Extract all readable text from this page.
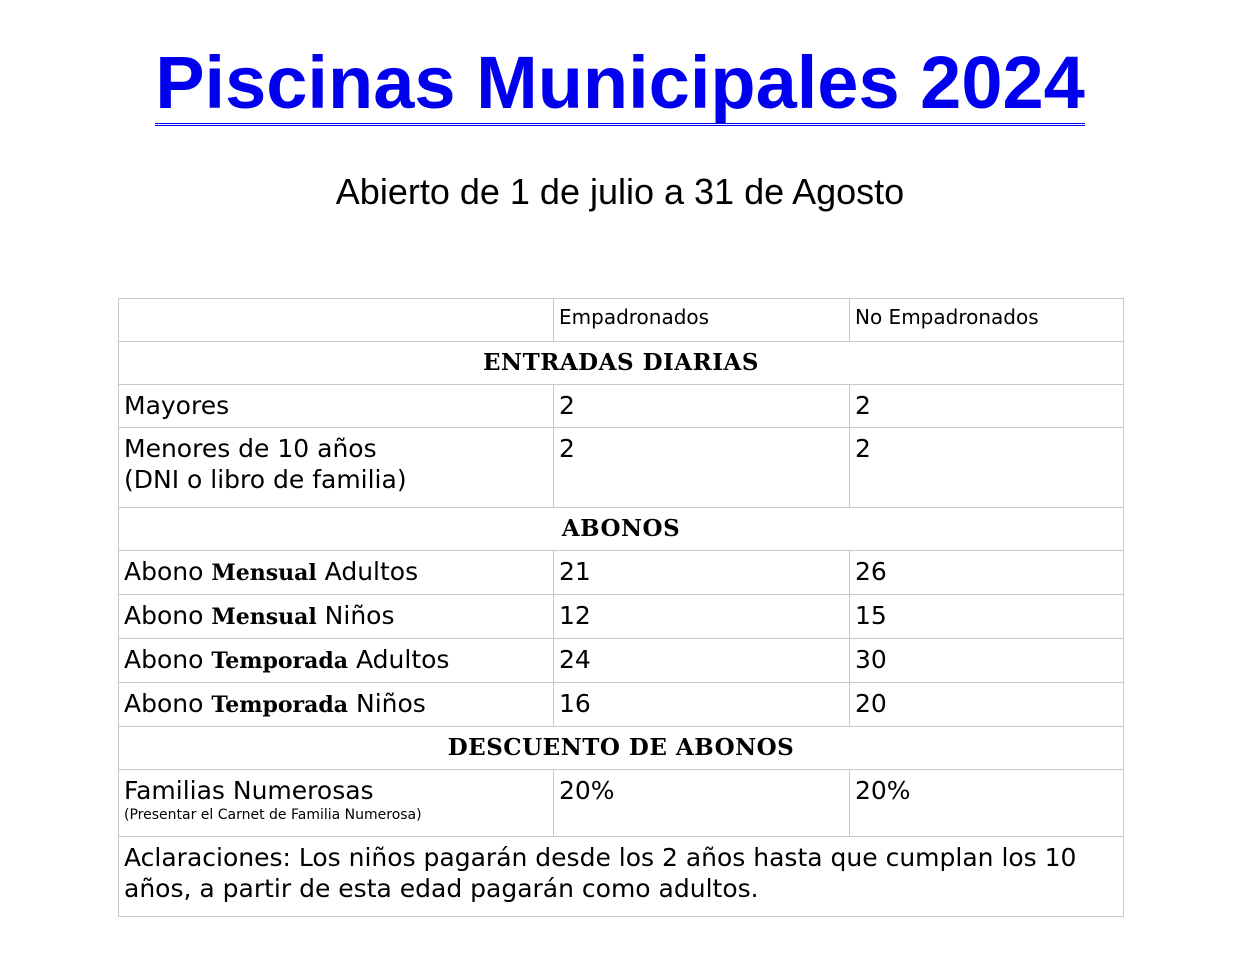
Piscinas Municipales 2024
Abierto de 1 de julio a 31 de Agosto
	Empadronados	No Empadronados
ENTRADAS DIARIAS		
Mayores	2	2
Menores de 10 años
(DNI o libro de familia)	2	2
ABONOS		
Abono Mensual Adultos	21	26
Abono Mensual Niños	12	15
Abono Temporada Adultos	24	30
Abono Temporada Niños	16	20
DESCUENTO DE ABONOS		
Familias Numerosas
(Presentar el Carnet de Familia Numerosa)	20%	20%
Aclaraciones: Los niños pagarán desde los 2 años hasta que cumplan los 10 años, a partir de esta edad pagarán como adultos.		
